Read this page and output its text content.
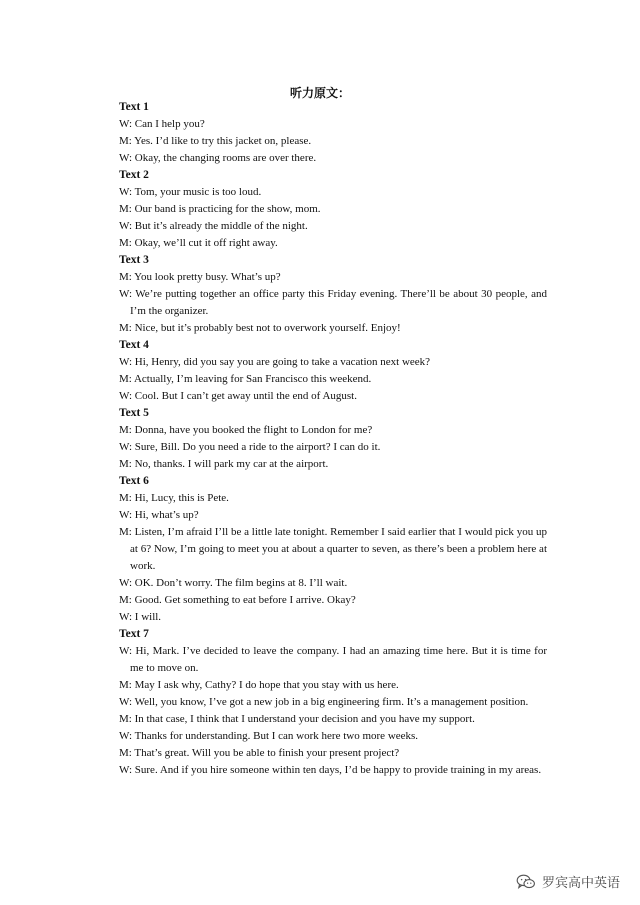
听力原文：
Text 1
W: Can I help you?
M: Yes. I’d like to try this jacket on, please.
W: Okay, the changing rooms are over there.
Text 2
W: Tom, your music is too loud.
M: Our band is practicing for the show, mom.
W: But it’s already the middle of the night.
M: Okay, we’ll cut it off right away.
Text 3
M: You look pretty busy. What’s up?
W: We’re putting together an office party this Friday evening. There’ll be about 30 people, and I’m the organizer.
M: Nice, but it’s probably best not to overwork yourself. Enjoy!
Text 4
W: Hi, Henry, did you say you are going to take a vacation next week?
M: Actually, I’m leaving for San Francisco this weekend.
W: Cool. But I can’t get away until the end of August.
Text 5
M: Donna, have you booked the flight to London for me?
W: Sure, Bill. Do you need a ride to the airport? I can do it.
M: No, thanks. I will park my car at the airport.
Text 6
M: Hi, Lucy, this is Pete.
W: Hi, what’s up?
M: Listen, I’m afraid I’ll be a little late tonight. Remember I said earlier that I would pick you up at 6? Now, I’m going to meet you at about a quarter to seven, as there’s been a problem here at work.
W: OK. Don’t worry. The film begins at 8. I’ll wait.
M: Good. Get something to eat before I arrive. Okay?
W: I will.
Text 7
W: Hi, Mark. I’ve decided to leave the company. I had an amazing time here. But it is time for me to move on.
M: May I ask why, Cathy? I do hope that you stay with us here.
W: Well, you know, I’ve got a new job in a big engineering firm. It’s a management position.
M: In that case, I think that I understand your decision and you have my support.
W: Thanks for understanding. But I can work here two more weeks.
M: That’s great. Will you be able to finish your present project?
W: Sure. And if you hire someone within ten days, I’d be happy to provide training in my areas.
罗宾高中英语
